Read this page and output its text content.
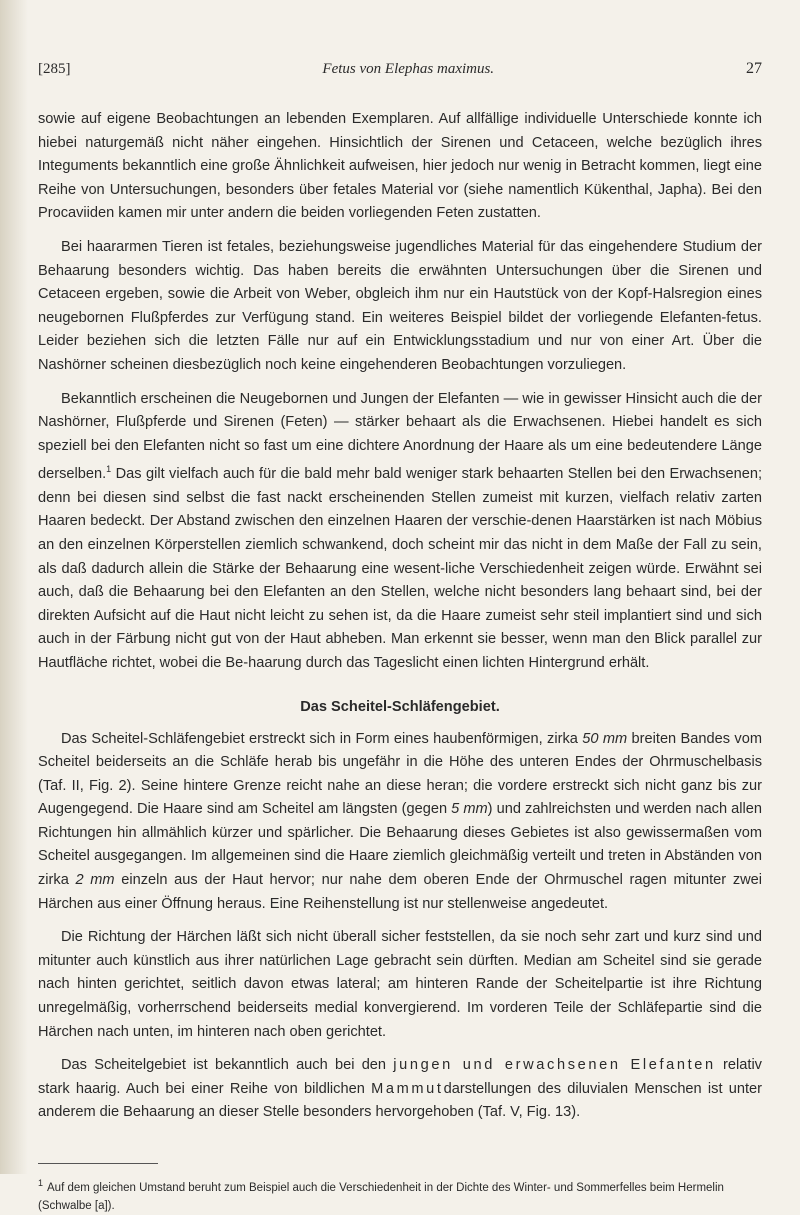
[285]	Fetus von Elephas maximus.	27

sowie auf eigene Beobachtungen an lebenden Exemplaren. Auf allfällige individuelle Unterschiede konnte ich hiebei naturgemäß nicht näher eingehen. Hinsichtlich der Sirenen und Cetaceen, welche bezüglich ihres Integuments bekanntlich eine große Ähnlichkeit aufweisen, hier jedoch nur wenig in Betracht kommen, liegt eine Reihe von Untersuchungen, besonders über fetales Material vor (siehe namentlich Kükenthal, Japha). Bei den Procaviiden kamen mir unter andern die beiden vorliegenden Feten zustatten.

Bei haararmen Tieren ist fetales, beziehungsweise jugendliches Material für das eingehendere Studium der Behaarung besonders wichtig. Das haben bereits die erwähnten Untersuchungen über die Sirenen und Cetaceen ergeben, sowie die Arbeit von Weber, obgleich ihm nur ein Hautstück von der Kopf-Halsregion eines neugebornen Flußpferdes zur Verfügung stand. Ein weiteres Beispiel bildet der vorliegende Elefanten-fetus. Leider beziehen sich die letzten Fälle nur auf ein Entwicklungsstadium und nur von einer Art. Über die Nashörner scheinen diesbezüglich noch keine eingehenderen Beobachtungen vorzuliegen.

Bekanntlich erscheinen die Neugebornen und Jungen der Elefanten — wie in gewisser Hinsicht auch die der Nashörner, Flußpferde und Sirenen (Feten) — stärker behaart als die Erwachsenen. Hiebei handelt es sich speziell bei den Elefanten nicht so fast um eine dichtere Anordnung der Haare als um eine bedeutendere Länge derselben.$^1$ Das gilt vielfach auch für die bald mehr bald weniger stark behaarten Stellen bei den Erwachsenen; denn bei diesen sind selbst die fast nackt erscheinenden Stellen zumeist mit kurzen, vielfach relativ zarten Haaren bedeckt. Der Abstand zwischen den einzelnen Haaren der verschie-denen Haarstärken ist nach Möbius an den einzelnen Körperstellen ziemlich schwankend, doch scheint mir das nicht in dem Maße der Fall zu sein, als daß dadurch allein die Stärke der Behaarung eine wesent-liche Verschiedenheit zeigen würde. Erwähnt sei auch, daß die Behaarung bei den Elefanten an den Stellen, welche nicht besonders lang behaart sind, bei der direkten Aufsicht auf die Haut nicht leicht zu sehen ist, da die Haare zumeist sehr steil implantiert sind und sich auch in der Färbung nicht gut von der Haut abheben. Man erkennt sie besser, wenn man den Blick parallel zur Hautfläche richtet, wobei die Be-haarung durch das Tageslicht einen lichten Hintergrund erhält.

Das Scheitel-Schläfengebiet.

Das Scheitel-Schläfengebiet erstreckt sich in Form eines haubenförmigen, zirka 50 mm breiten Bandes vom Scheitel beiderseits an die Schläfe herab bis ungefähr in die Höhe des unteren Endes der Ohrmuschelbasis (Taf. II, Fig. 2). Seine hintere Grenze reicht nahe an diese heran; die vordere erstreckt sich nicht ganz bis zur Augengegend. Die Haare sind am Scheitel am längsten (gegen 5 mm) und zahlreichsten und werden nach allen Richtungen hin allmählich kürzer und spärlicher. Die Behaarung dieses Gebietes ist also gewissermaßen vom Scheitel ausgegangen. Im allgemeinen sind die Haare ziemlich gleichmäßig verteilt und treten in Abständen von zirka 2 mm einzeln aus der Haut hervor; nur nahe dem oberen Ende der Ohrmuschel ragen mitunter zwei Härchen aus einer Öffnung heraus. Eine Reihenstellung ist nur stellenweise angedeutet.

Die Richtung der Härchen läßt sich nicht überall sicher feststellen, da sie noch sehr zart und kurz sind und mitunter auch künstlich aus ihrer natürlichen Lage gebracht sein dürften. Median am Scheitel sind sie gerade nach hinten gerichtet, seitlich davon etwas lateral; am hinteren Rande der Scheitelpartie ist ihre Richtung unregelmäßig, vorherrschend beiderseits medial konvergierend. Im vorderen Teile der Schläfepartie sind die Härchen nach unten, im hinteren nach oben gerichtet.

Das Scheitelgebiet ist bekanntlich auch bei den jungen und erwachsenen Elefanten relativ stark haarig. Auch bei einer Reihe von bildlichen Mammutdarstellungen des diluvialen Menschen ist unter anderem die Behaarung an dieser Stelle besonders hervorgehoben (Taf. V, Fig. 13).

$^1$ Auf dem gleichen Umstand beruht zum Beispiel auch die Verschiedenheit in der Dichte des Winter- und Sommerfelles beim Hermelin (Schwalbe [a]).
